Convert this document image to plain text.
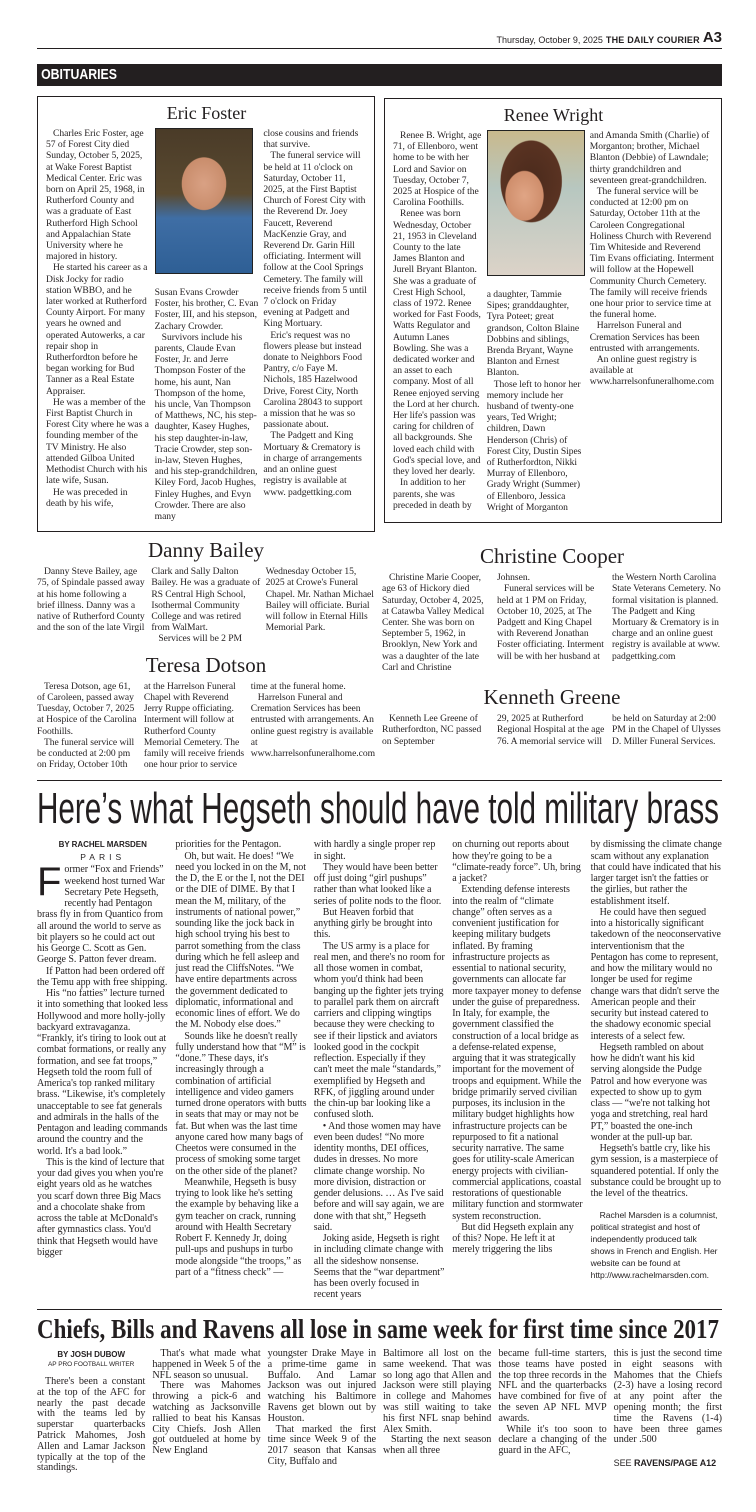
Thursday, October 9, 2025 THE DAILY COURIER A3
OBITUARIES
Eric Foster

Charles Eric Foster, age 57 of Forest City died Sunday, October 5, 2025, at Wake Forest Baptist Medical Center. Eric was born on April 25, 1968, in Rutherford County and was a graduate of East Rutherford High School and Appalachian State University where he majored in history.

He started his career as a Disk Jocky for radio station WBBO, and he later worked at Rutherford County Airport. For many years he owned and operated Autowerks, a car repair shop in Rutherfordton before he began working for Bud Tanner as a Real Estate Appraiser.

He was a member of the First Baptist Church in Forest City where he was a founding member of the TV Ministry. He also attended Gilboa United Methodist Church with his late wife, Susan.

He was preceded in death by his wife,

Susan Evans Crowder Foster, his brother, C. Evan Foster, III, and his stepson, Zachary Crowder.

Survivors include his parents, Claude Evan Foster, Jr. and Jerre Thompson Foster of the home, his aunt, Nan Thompson of the home, his uncle, Van Thompson of Matthews, NC, his step-daughter, Kasey Hughes, his step daughter-in-law, Tracie Crowder, step son-in-law, Steven Hughes, and his step-grandchildren, Kiley Ford, Jacob Hughes, Finley Hughes, and Evyn Crowder. There are also many

close cousins and friends that survive.

The funeral service will be held at 11 o'clock on Saturday, October 11, 2025, at the First Baptist Church of Forest City with the Reverend Dr. Joey Faucett, Reverend MacKenzie Gray, and Reverend Dr. Garin Hill officiating. Interment will follow at the Cool Springs Cemetery. The family will receive friends from 5 until 7 o'clock on Friday evening at Padgett and King Mortuary.

Eric's request was no flowers please but instead donate to Neighbors Food Pantry, c/o Faye M. Nichols, 185 Hazelwood Drive, Forest City, North Carolina 28043 to support a mission that he was so passionate about.

The Padgett and King Mortuary & Crematory is in charge of arrangements and an online guest registry is available at www. padgettking.com

Renee Wright

Renee B. Wright, age 71, of Ellenboro, went home to be with her Lord and Savior on Tuesday, October 7, 2025 at Hospice of the Carolina Foothills.

Renee was born Wednesday, October 21, 1953 in Cleveland County to the late James Blanton and Jurell Bryant Blanton. She was a graduate of Crest High School, class of 1972. Renee worked for Fast Foods, Watts Regulator and Autumn Lanes Bowling. She was a dedicated worker and an asset to each company. Most of all Renee enjoyed serving the Lord at her church. Her life's passion was caring for children of all backgrounds. She loved each child with God's special love, and they loved her dearly.

In addition to her parents, she was preceded in death by

a daughter, Tammie Sipes; granddaughter, Tyra Poteet; great grandson, Colton Blaine Dobbins and siblings, Brenda Bryant, Wayne Blanton and Ernest Blanton.

Those left to honor her memory include her husband of twenty-one years, Ted Wright; children, Dawn Henderson (Chris) of Forest City, Dustin Sipes of Rutherfordton, Nikki Murray of Ellenboro, Grady Wright (Summer) of Ellenboro, Jessica Wright of Morganton

and Amanda Smith (Charlie) of Morganton; brother, Michael Blanton (Debbie) of Lawndale; thirty grandchildren and seventeen great-grandchildren.

The funeral service will be conducted at 12:00 pm on Saturday, October 11th at the Caroleen Congregational Holiness Church with Reverend Tim Whiteside and Reverend Tim Evans officiating. Interment will follow at the Hopewell Community Church Cemetery. The family will receive friends one hour prior to service time at the funeral home.

Harrelson Funeral and Cremation Services has been entrusted with arrangements.

An online guest registry is available at www.harrelsonfuneralhome.com

Danny Bailey

Danny Steve Bailey, age 75, of Spindale passed away at his home following a brief illness. Danny was a native of Rutherford County and the son of the late Virgil

Clark and Sally Dalton Bailey. He was a graduate of RS Central High School, Isothermal Community College and was retired from WalMart.

Services will be 2 PM

Wednesday October 15, 2025 at Crowe's Funeral Chapel. Mr. Nathan Michael Bailey will officiate. Burial will follow in Eternal Hills Memorial Park.

Teresa Dotson

Teresa Dotson, age 61, of Caroleen, passed away Tuesday, October 7, 2025 at Hospice of the Carolina Foothills.

The funeral service will be conducted at 2:00 pm on Friday, October 10th

at the Harrelson Funeral Chapel with Reverend Jerry Ruppe officiating. Interment will follow at Rutherford County Memorial Cemetery. The family will receive friends one hour prior to service

time at the funeral home.

Harrelson Funeral and Cremation Services has been entrusted with arrangements. An online guest registry is available at www.harrelsonfuneralhome.com

Christine Cooper

Christine Marie Cooper, age 63 of Hickory died Saturday, October 4, 2025, at Catawba Valley Medical Center. She was born on September 5, 1962, in Brooklyn, New York and was a daughter of the late Carl and Christine

Johnsen.

Funeral services will be held at 1 PM on Friday, October 10, 2025, at The Padgett and King Chapel with Reverend Jonathan Foster officiating. Interment will be with her husband at

the Western North Carolina State Veterans Cemetery. No formal visitation is planned. The Padgett and King Mortuary & Crematory is in charge and an online guest registry is available at www. padgettking.com

Kenneth Greene

Kenneth Lee Greene of Rutherfordton, NC passed on September

29, 2025 at Rutherford Regional Hospital at the age 76. A memorial service will

be held on Saturday at 2:00 PM in the Chapel of Ulysses D. Miller Funeral Services.

Here’s what Hegseth should have told military brass
BY RACHEL MARSDEN
PARIS

Former “Fox and Friends” weekend host turned War Secretary Pete Hegseth, recently had Pentagon brass fly in from Quantico from all around the world to serve as bit players so he could act out his George C. Scott as Gen. George S. Patton fever dream.

If Patton had been ordered off the Temu app with free shipping.

His “no fatties” lecture turned it into something that looked less Hollywood and more holly-jolly backyard extravaganza. “Frankly, it's tiring to look out at combat formations, or really any formation, and see fat troops,” Hegseth told the room full of America's top ranked military brass. “Likewise, it's completely unacceptable to see fat generals and admirals in the halls of the Pentagon and leading commands around the country and the world. It's a bad look.”

This is the kind of lecture that your dad gives you when you're eight years old as he watches you scarf down three Big Macs and a chocolate shake from across the table at McDonald's after gymnastics class. You'd think that Hegseth would have bigger

priorities for the Pentagon.

Oh, but wait. He does! “We need you locked in on the M, not the D, the E or the I, not the DEI or the DIE of DIME. By that I mean the M, military, of the instruments of national power,” sounding like the jock back in high school trying his best to parrot something from the class during which he fell asleep and just read the CliffsNotes. “We have entire departments across the government dedicated to diplomatic, informational and economic lines of effort. We do the M. Nobody else does.”

Sounds like he doesn't really fully understand how that “M” is “done.” These days, it's increasingly through a combination of artificial intelligence and video gamers turned drone operators with butts in seats that may or may not be fat. But when was the last time anyone cared how many bags of Cheetos were consumed in the process of smoking some target on the other side of the planet?

Meanwhile, Hegseth is busy trying to look like he's setting the example by behaving like a gym teacher on crack, running around with Health Secretary Robert F. Kennedy Jr, doing pull-ups and pushups in turbo mode alongside “the troops,” as part of a “fitness check” —

with hardly a single proper rep in sight.

They would have been better off just doing “girl pushups” rather than what looked like a series of polite nods to the floor.

But Heaven forbid that anything girly be brought into this.

The US army is a place for real men, and there's no room for all those women in combat, whom you'd think had been banging up the fighter jets trying to parallel park them on aircraft carriers and clipping wingtips because they were checking to see if their lipstick and aviators looked good in the cockpit reflection. Especially if they can't meet the male “standards,” exemplified by Hegseth and RFK, of jiggling around under the chin-up bar looking like a confused sloth.

• And those women may have even been dudes! “No more identity months, DEI offices, dudes in dresses. No more climate change worship. No more division, distraction or gender delusions. … As I've said before and will say again, we are done with that sht,” Hegseth said.

Joking aside, Hegseth is right in including climate change with all the sideshow nonsense. Seems that the “war department” has been overly focused in recent years

on churning out reports about how they're going to be a “climate-ready force”. Uh, bring a jacket?

Extending defense interests into the realm of “climate change” often serves as a convenient justification for keeping military budgets inflated. By framing infrastructure projects as essential to national security, governments can allocate far more taxpayer money to defense under the guise of preparedness. In Italy, for example, the government classified the construction of a local bridge as a defense-related expense, arguing that it was strategically important for the movement of troops and equipment. While the bridge primarily served civilian purposes, its inclusion in the military budget highlights how infrastructure projects can be repurposed to fit a national security narrative. The same goes for utility-scale American energy projects with civilian-commercial applications, coastal restorations of questionable military function and stormwater system reconstruction.

But did Hegseth explain any of this? Nope. He left it at merely triggering the libs

by dismissing the climate change scam without any explanation that could have indicated that his larger target isn't the fatties or the girlies, but rather the establishment itself.

He could have then segued into a historically significant takedown of the neoconservative interventionism that the Pentagon has come to represent, and how the military would no longer be used for regime change wars that didn't serve the American people and their security but instead catered to the shadowy economic special interests of a select few.

Hegseth rambled on about how he didn't want his kid serving alongside the Pudge Patrol and how everyone was expected to show up to gym class — “we're not talking hot yoga and stretching, real hard PT,” boasted the one-inch wonder at the pull-up bar.

Hegseth's battle cry, like his gym session, is a masterpiece of squandered potential. If only the substance could be brought up to the level of the theatrics.

Rachel Marsden is a columnist, political strategist and host of independently produced talk shows in French and English. Her website can be found at http://www.rachelmarsden.com.

Chiefs, Bills and Ravens all lose in same week for first time since 2017
BY JOSH DUBOW
AP PRO FOOTBALL WRITER

There's been a constant at the top of the AFC for nearly the past decade with the teams led by superstar quarterbacks Patrick Mahomes, Josh Allen and Lamar Jackson typically at the top of the standings.

That's what made what happened in Week 5 of the NFL season so unusual.

There was Mahomes throwing a pick-6 and watching as Jacksonville rallied to beat his Kansas City Chiefs. Josh Allen got outdueled at home by New England

youngster Drake Maye in a prime-time game in Buffalo. And Lamar Jackson was out injured watching his Baltimore Ravens get blown out by Houston.

That marked the first time since Week 9 of the 2017 season that Kansas City, Buffalo and

Baltimore all lost on the same weekend. That was so long ago that Allen and Jackson were still playing in college and Mahomes was still waiting to take his first NFL snap behind Alex Smith.

Starting the next season when all three

became full-time starters, those teams have posted the top three records in the NFL and the quarterbacks have combined for five of the seven AP NFL MVP awards.

While it's too soon to declare a changing of the guard in the AFC,

this is just the second time in eight seasons with Mahomes that the Chiefs (2-3) have a losing record at any point after the opening month; the first time the Ravens (1-4) have been three games under .500

SEE RAVENS/PAGE A12
